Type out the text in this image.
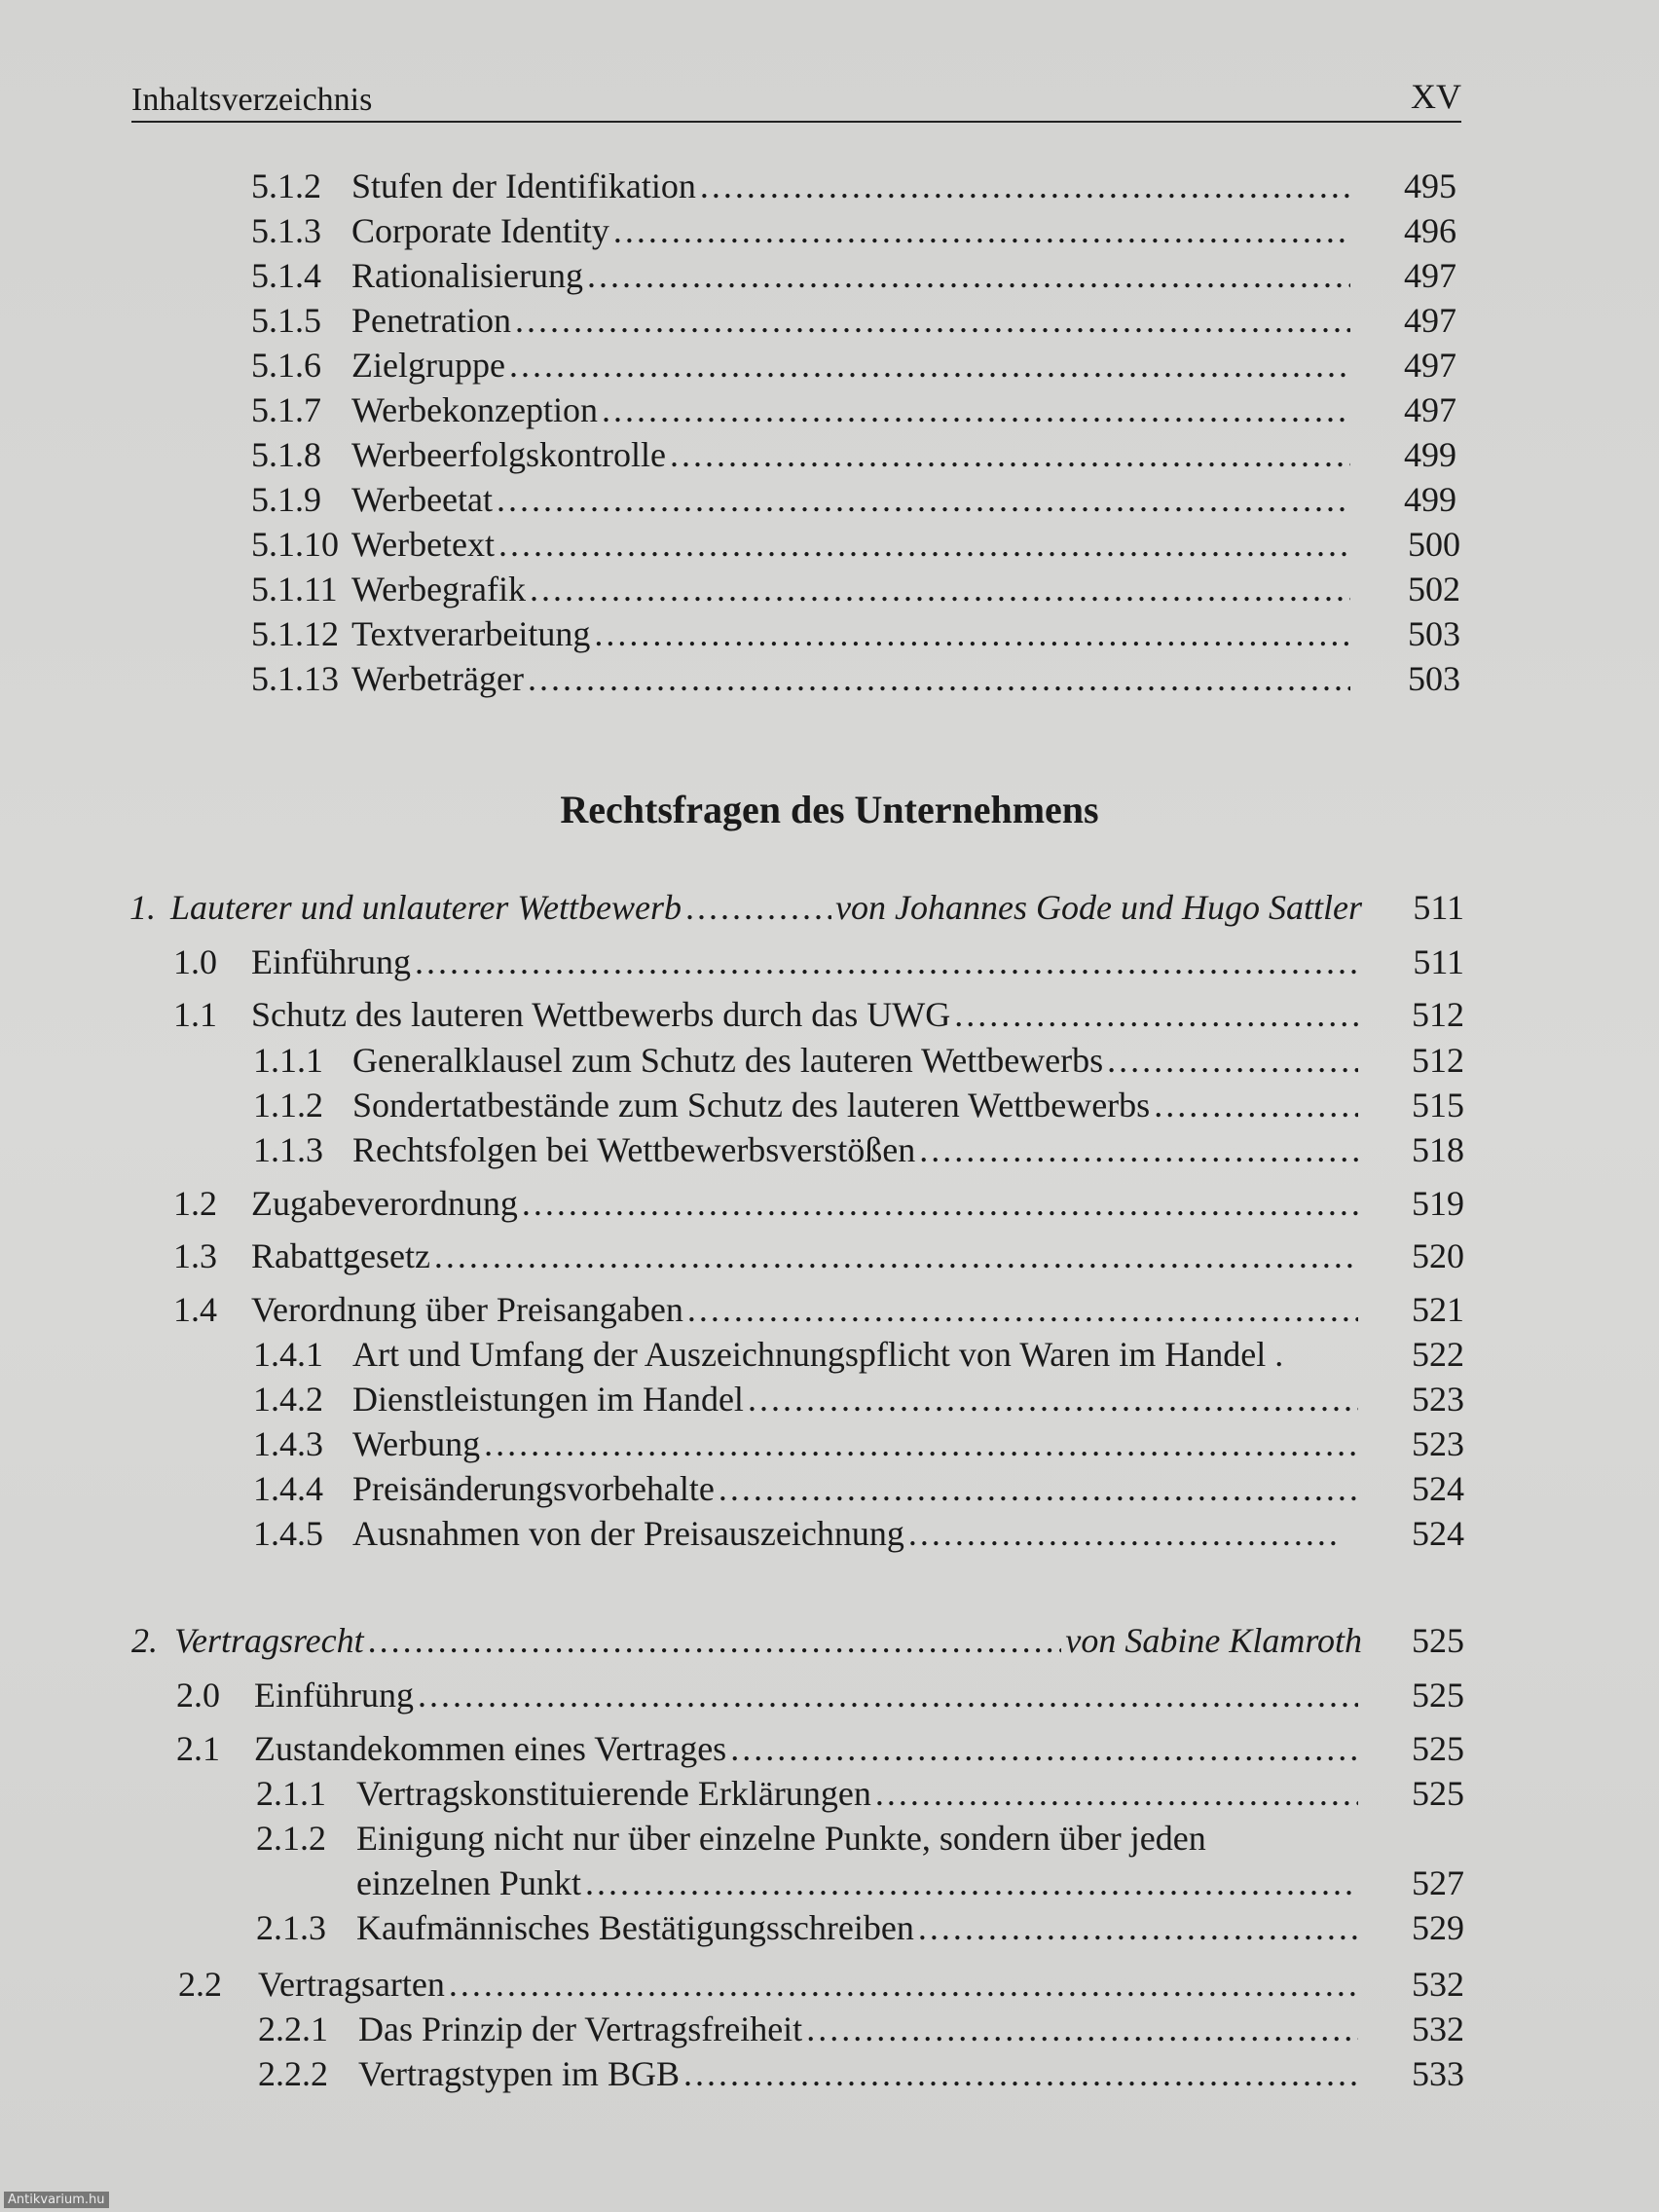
Inhaltsverzeichnis	XV
5.1.2 Stufen der Identifikation .....	495
5.1.3 Corporate Identity .....	496
5.1.4 Rationalisierung .....	497
5.1.5 Penetration .....	497
5.1.6 Zielgruppe .....	497
5.1.7 Werbekonzeption .....	497
5.1.8 Werbeerfolgskontrolle .....	499
5.1.9 Werbeetat .....	499
5.1.10 Werbetext .....	500
5.1.11 Werbegrafik .....	502
5.1.12 Textverarbeitung .....	503
5.1.13 Werbeträger .....	503
Rechtsfragen des Unternehmens
1. Lauterer und unlauterer Wettbewerb .....	von Johannes Gode und Hugo Sattler	511
1.0 Einführung .....	511
1.1 Schutz des lauteren Wettbewerbs durch das UWG .....	512
1.1.1 Generalklausel zum Schutz des lauteren Wettbewerbs .....	512
1.1.2 Sondertatbestände zum Schutz des lauteren Wettbewerbs .....	515
1.1.3 Rechtsfolgen bei Wettbewerbsverstößen .....	518
1.2 Zugabeverordnung .....	519
1.3 Rabattgesetz .....	520
1.4 Verordnung über Preisangaben .....	521
1.4.1 Art und Umfang der Auszeichnungspflicht von Waren im Handel .	522
1.4.2 Dienstleistungen im Handel .....	523
1.4.3 Werbung .....	523
1.4.4 Preisänderungsvorbehalte .....	524
1.4.5 Ausnahmen von der Preisauszeichnung .....	524
2. Vertragsrecht .....	von Sabine Klamroth	525
2.0 Einführung .....	525
2.1 Zustandekommen eines Vertrages .....	525
2.1.1 Vertragskonstituierende Erklärungen .....	525
2.1.2 Einigung nicht nur über einzelne Punkte, sondern über jeden
einzelnen Punkt .....	527
2.1.3 Kaufmännisches Bestätigungsschreiben .....	529
2.2 Vertragsarten .....	532
2.2.1 Das Prinzip der Vertragsfreiheit .....	532
2.2.2 Vertragstypen im BGB .....	533
Antikvarium.hu
